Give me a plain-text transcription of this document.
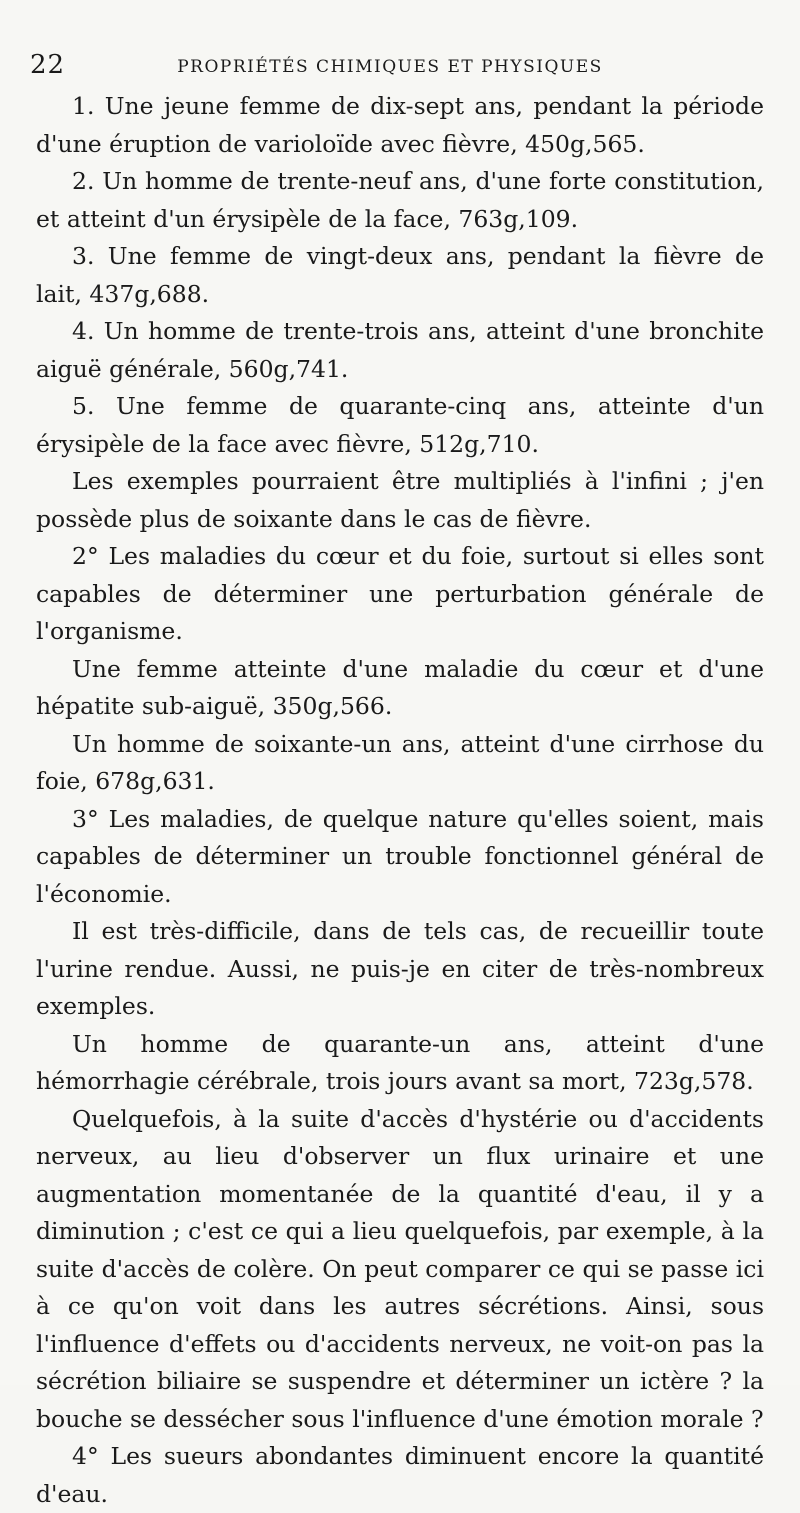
22	PROPRIÉTÉS CHIMIQUES ET PHYSIQUES

1. Une jeune femme de dix-sept ans, pendant la période d'une éruption de varioloïde avec fièvre, 450g,565.

2. Un homme de trente-neuf ans, d'une forte constitution, et atteint d'un érysipèle de la face, 763g,109.

3. Une femme de vingt-deux ans, pendant la fièvre de lait, 437g,688.

4. Un homme de trente-trois ans, atteint d'une bronchite aiguë générale, 560g,741.

5. Une femme de quarante-cinq ans, atteinte d'un érysipèle de la face avec fièvre, 512g,710.

Les exemples pourraient être multipliés à l'infini ; j'en possède plus de soixante dans le cas de fièvre.

2° Les maladies du cœur et du foie, surtout si elles sont capables de déterminer une perturbation générale de l'organisme.

Une femme atteinte d'une maladie du cœur et d'une hépatite sub-aiguë, 350g,566.

Un homme de soixante-un ans, atteint d'une cirrhose du foie, 678g,631.

3° Les maladies, de quelque nature qu'elles soient, mais capables de déterminer un trouble fonctionnel général de l'économie.

Il est très-difficile, dans de tels cas, de recueillir toute l'urine rendue. Aussi, ne puis-je en citer de très-nombreux exemples.

Un homme de quarante-un ans, atteint d'une hémorrhagie cérébrale, trois jours avant sa mort, 723g,578.

Quelquefois, à la suite d'accès d'hystérie ou d'accidents nerveux, au lieu d'observer un flux urinaire et une augmentation momentanée de la quantité d'eau, il y a diminution ; c'est ce qui a lieu quelquefois, par exemple, à la suite d'accès de colère. On peut comparer ce qui se passe ici à ce qu'on voit dans les autres sécrétions. Ainsi, sous l'influence d'effets ou d'accidents nerveux, ne voit-on pas la sécrétion biliaire se suspendre et déterminer un ictère ? la bouche se dessécher sous l'influence d'une émotion morale ?

4° Les sueurs abondantes diminuent encore la quantité d'eau.
